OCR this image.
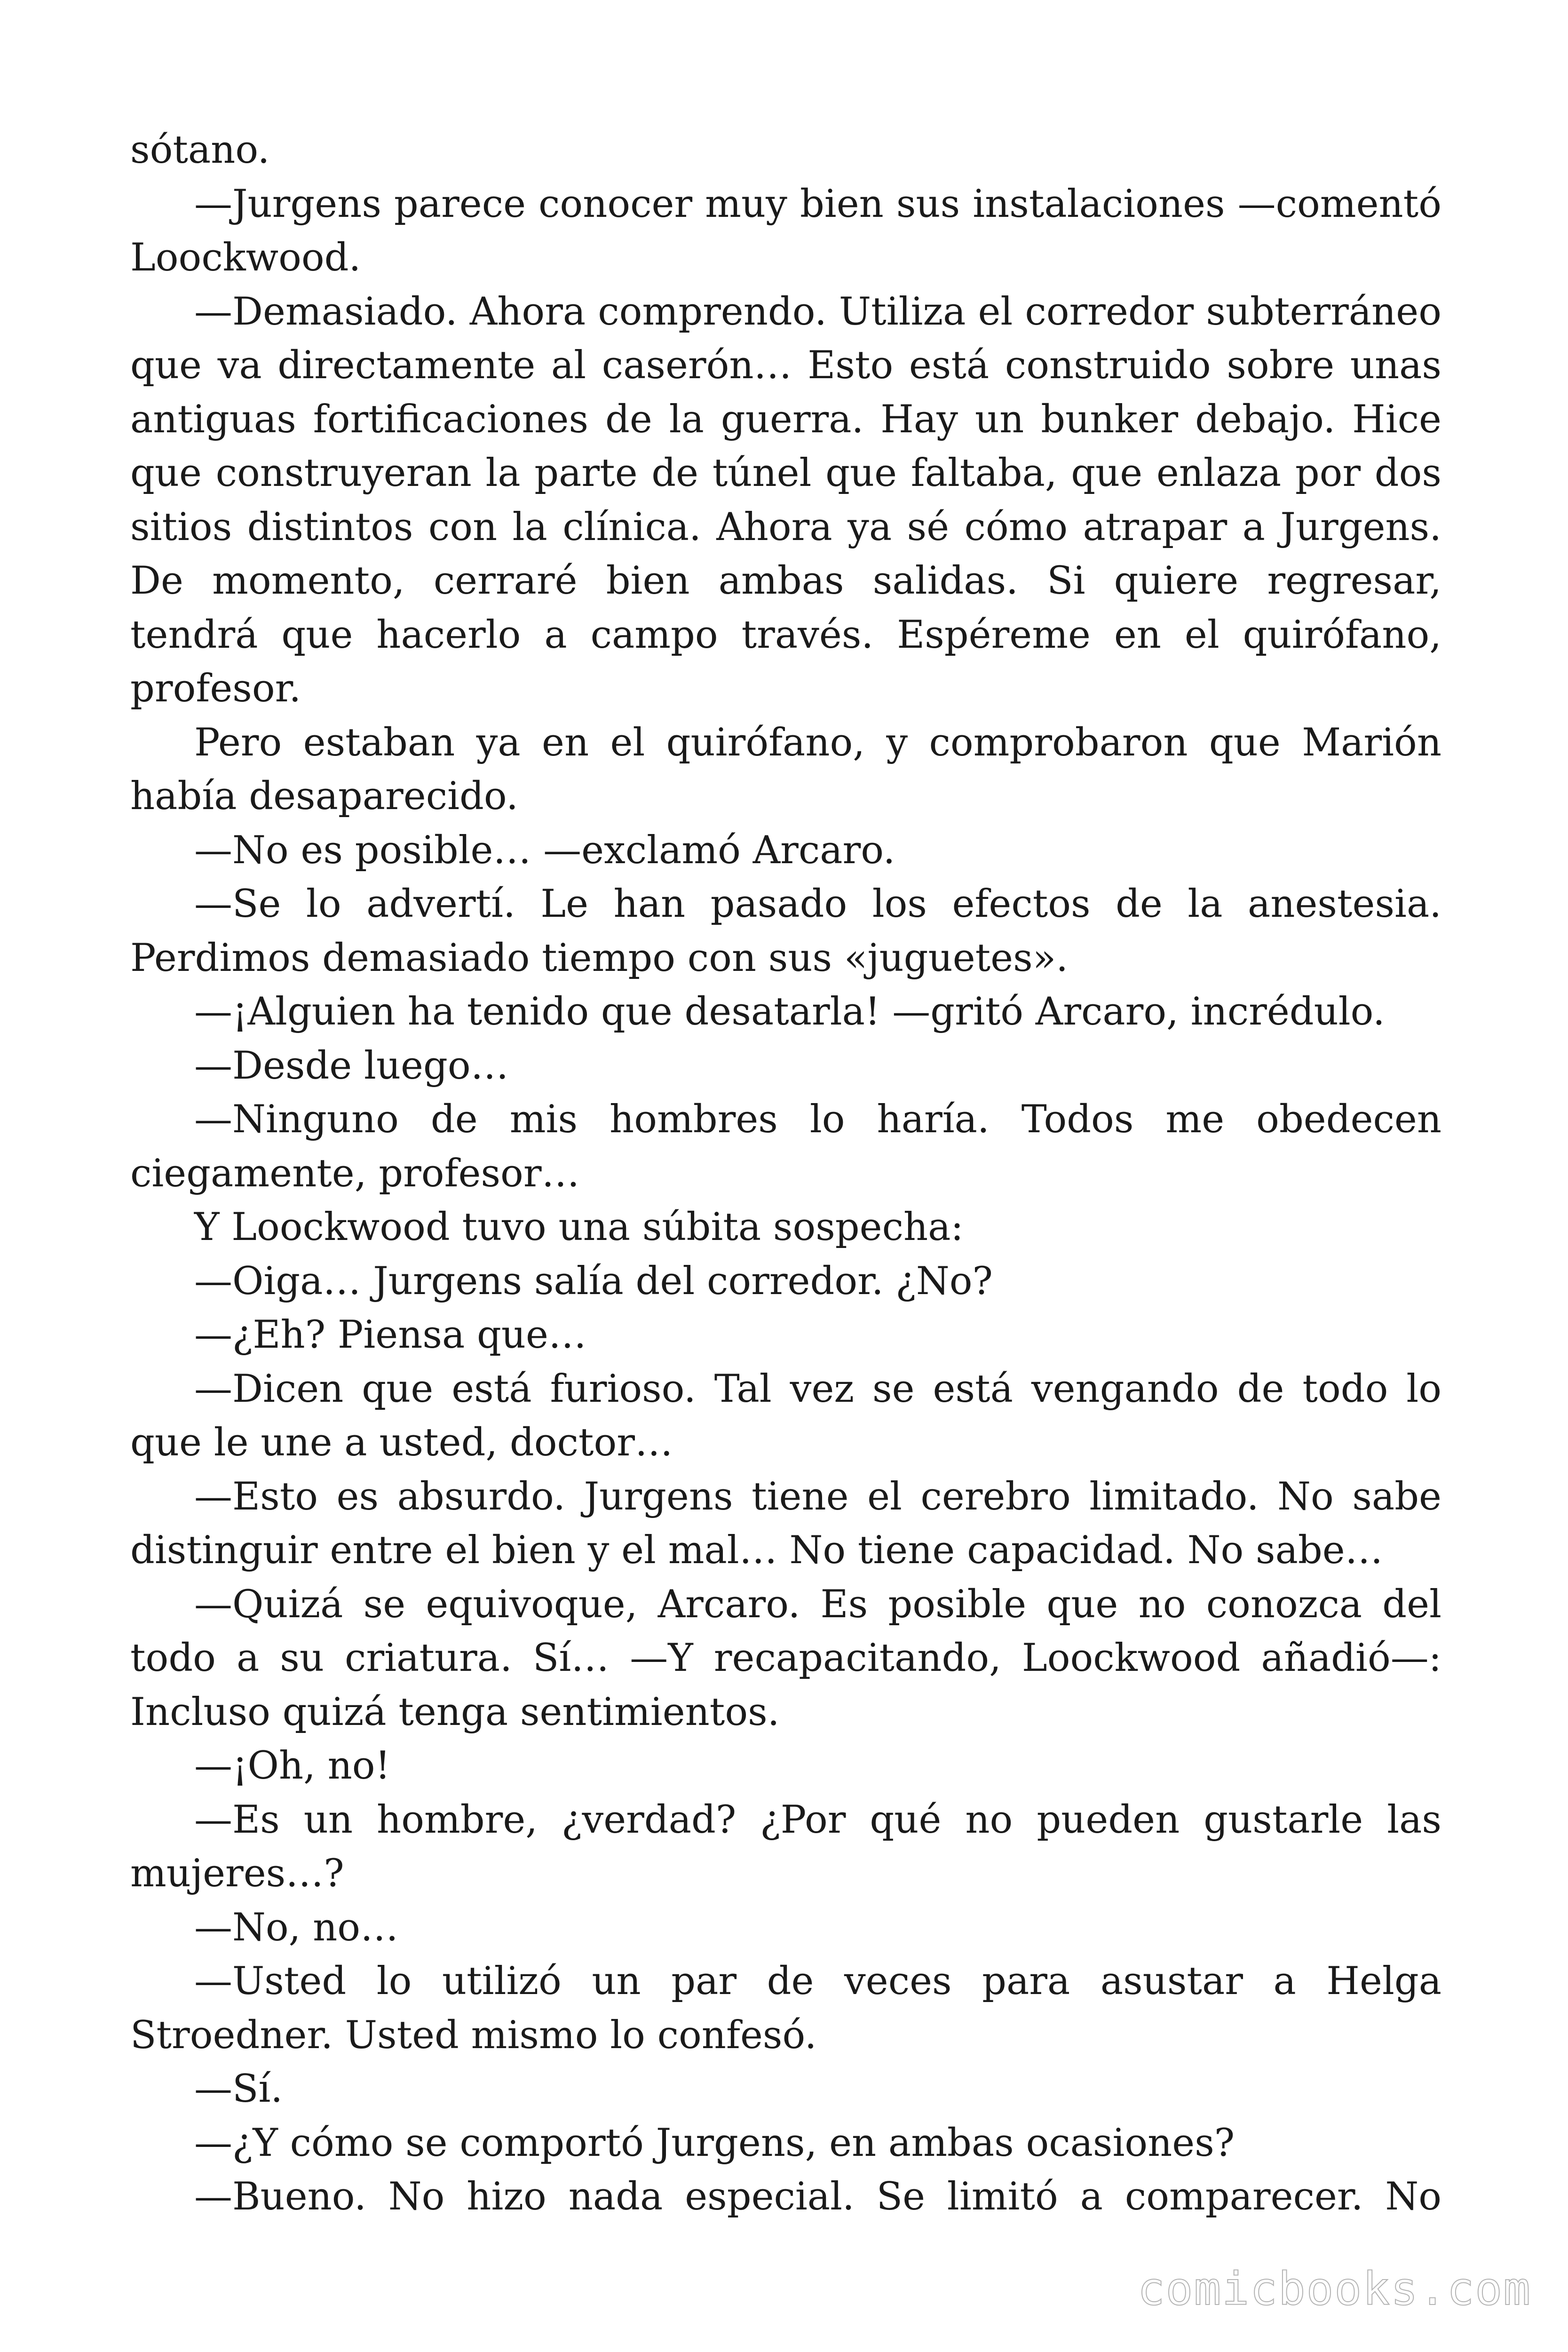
sótano.

—Jurgens parece conocer muy bien sus instalaciones —comentó Loockwood.

—Demasiado. Ahora comprendo. Utiliza el corredor subterráneo que va directamente al caserón… Esto está construido sobre unas antiguas fortificaciones de la guerra. Hay un bunker debajo. Hice que construyeran la parte de túnel que faltaba, que enlaza por dos sitios distintos con la clínica. Ahora ya sé cómo atrapar a Jurgens. De momento, cerraré bien ambas salidas. Si quiere regresar, tendrá que hacerlo a campo través. Espéreme en el quirófano, profesor.

Pero estaban ya en el quirófano, y comprobaron que Marión había desaparecido.

—No es posible… —exclamó Arcaro.

—Se lo advertí. Le han pasado los efectos de la anestesia. Perdimos demasiado tiempo con sus «juguetes».

—¡Alguien ha tenido que desatarla! —gritó Arcaro, incrédulo.

—Desde luego…

—Ninguno de mis hombres lo haría. Todos me obedecen ciegamente, profesor…

Y Loockwood tuvo una súbita sospecha:

—Oiga… Jurgens salía del corredor. ¿No?

—¿Eh? Piensa que…

—Dicen que está furioso. Tal vez se está vengando de todo lo que le une a usted, doctor…

—Esto es absurdo. Jurgens tiene el cerebro limitado. No sabe distinguir entre el bien y el mal… No tiene capacidad. No sabe…

—Quizá se equivoque, Arcaro. Es posible que no conozca del todo a su criatura. Sí… —Y recapacitando, Loockwood añadió—: Incluso quizá tenga sentimientos.

—¡Oh, no!

—Es un hombre, ¿verdad? ¿Por qué no pueden gustarle las mujeres…?

—No, no…

—Usted lo utilizó un par de veces para asustar a Helga Stroedner. Usted mismo lo confesó.

—Sí.

—¿Y cómo se comportó Jurgens, en ambas ocasiones?

—Bueno. No hizo nada especial. Se limitó a comparecer. No

comicbooks.com
